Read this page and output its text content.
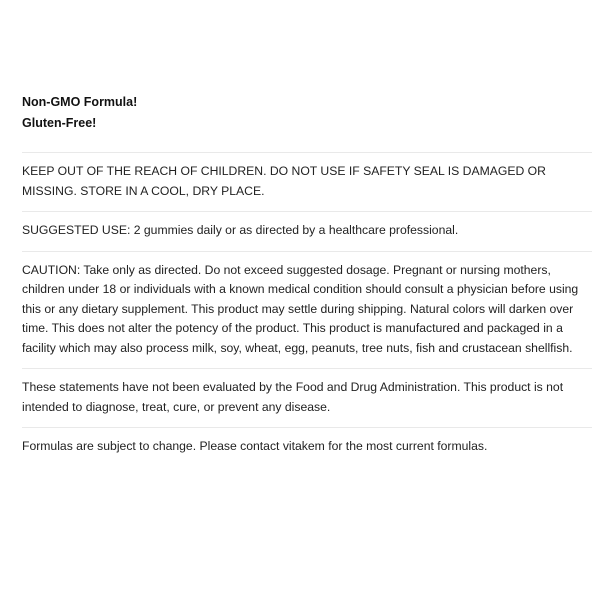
Non-GMO Formula!
Gluten-Free!

KEEP OUT OF THE REACH OF CHILDREN. DO NOT USE IF SAFETY SEAL IS DAMAGED OR MISSING. STORE IN A COOL, DRY PLACE.

SUGGESTED USE: 2 gummies daily or as directed by a healthcare professional.

CAUTION: Take only as directed. Do not exceed suggested dosage. Pregnant or nursing mothers, children under 18 or individuals with a known medical condition should consult a physician before using this or any dietary supplement. This product may settle during shipping. Natural colors will darken over time. This does not alter the potency of the product. This product is manufactured and packaged in a facility which may also process milk, soy, wheat, egg, peanuts, tree nuts, fish and crustacean shellfish.

These statements have not been evaluated by the Food and Drug Administration. This product is not intended to diagnose, treat, cure, or prevent any disease.

Formulas are subject to change. Please contact vitakem for the most current formulas.
